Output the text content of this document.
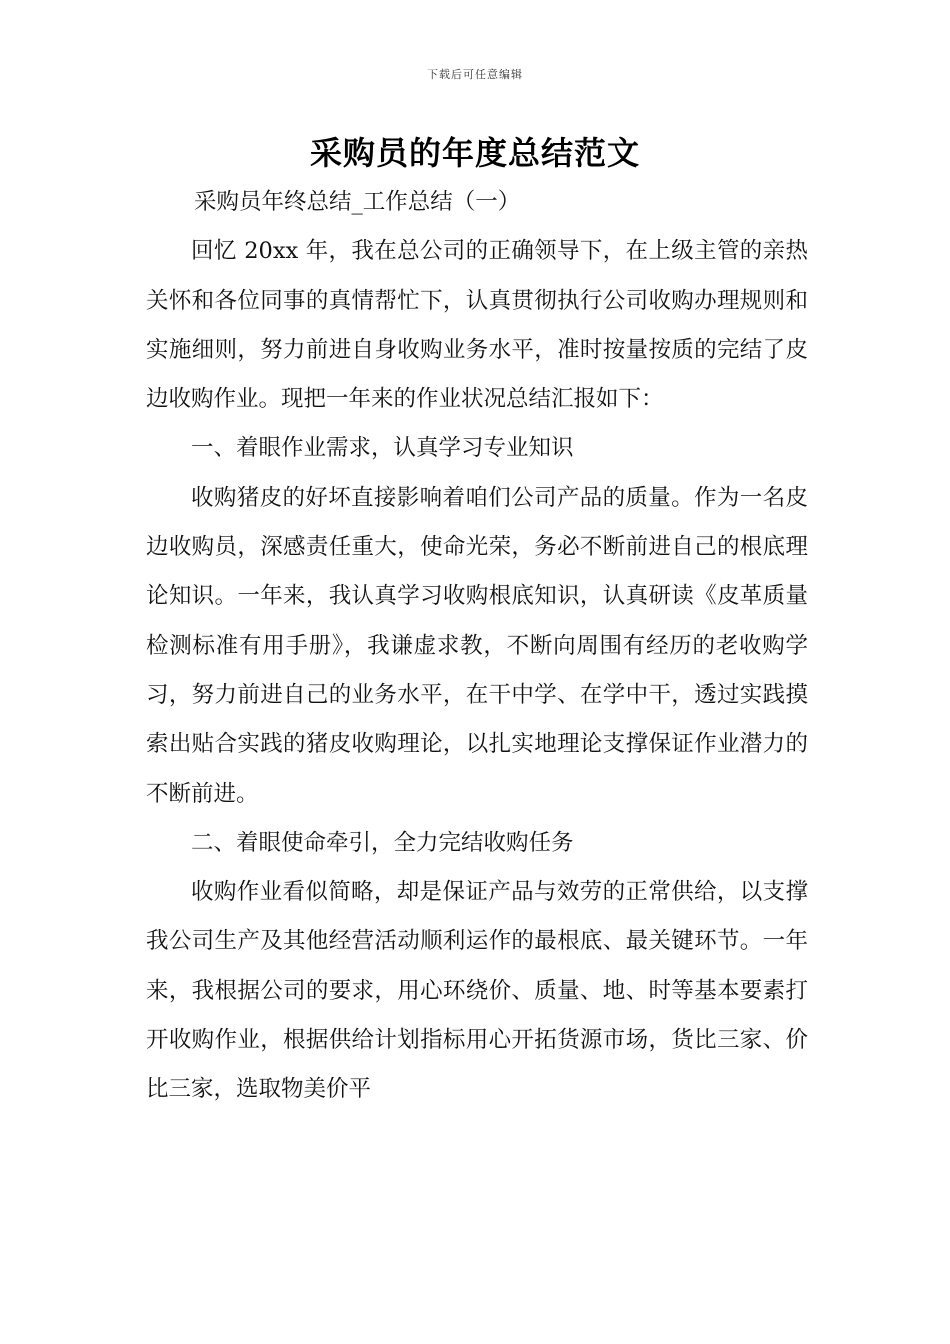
下载后可任意编辑
采购员的年度总结范文

采购员年终总结_工作总结（一）

回忆 20xx 年，我在总公司的正确领导下，在上级主管的亲热关怀和各位同事的真情帮忙下，认真贯彻执行公司收购办理规则和实施细则，努力前进自身收购业务水平，准时按量按质的完结了皮边收购作业。现把一年来的作业状况总结汇报如下：

一、着眼作业需求，认真学习专业知识

收购猪皮的好坏直接影响着咱们公司产品的质量。作为一名皮边收购员，深感责任重大，使命光荣，务必不断前进自己的根底理论知识。一年来，我认真学习收购根底知识，认真研读《皮革质量检测标准有用手册》，我谦虚求教，不断向周围有经历的老收购学习，努力前进自己的业务水平，在干中学、在学中干，透过实践摸索出贴合实践的猪皮收购理论，以扎实地理论支撑保证作业潜力的不断前进。

二、着眼使命牵引，全力完结收购任务

收购作业看似简略，却是保证产品与效劳的正常供给，以支撑我公司生产及其他经营活动顺利运作的最根底、最关键环节。一年来，我根据公司的要求，用心环绕价、质量、地、时等基本要素打开收购作业，根据供给计划指标用心开拓货源市场，货比三家、价比三家，选取物美价平
